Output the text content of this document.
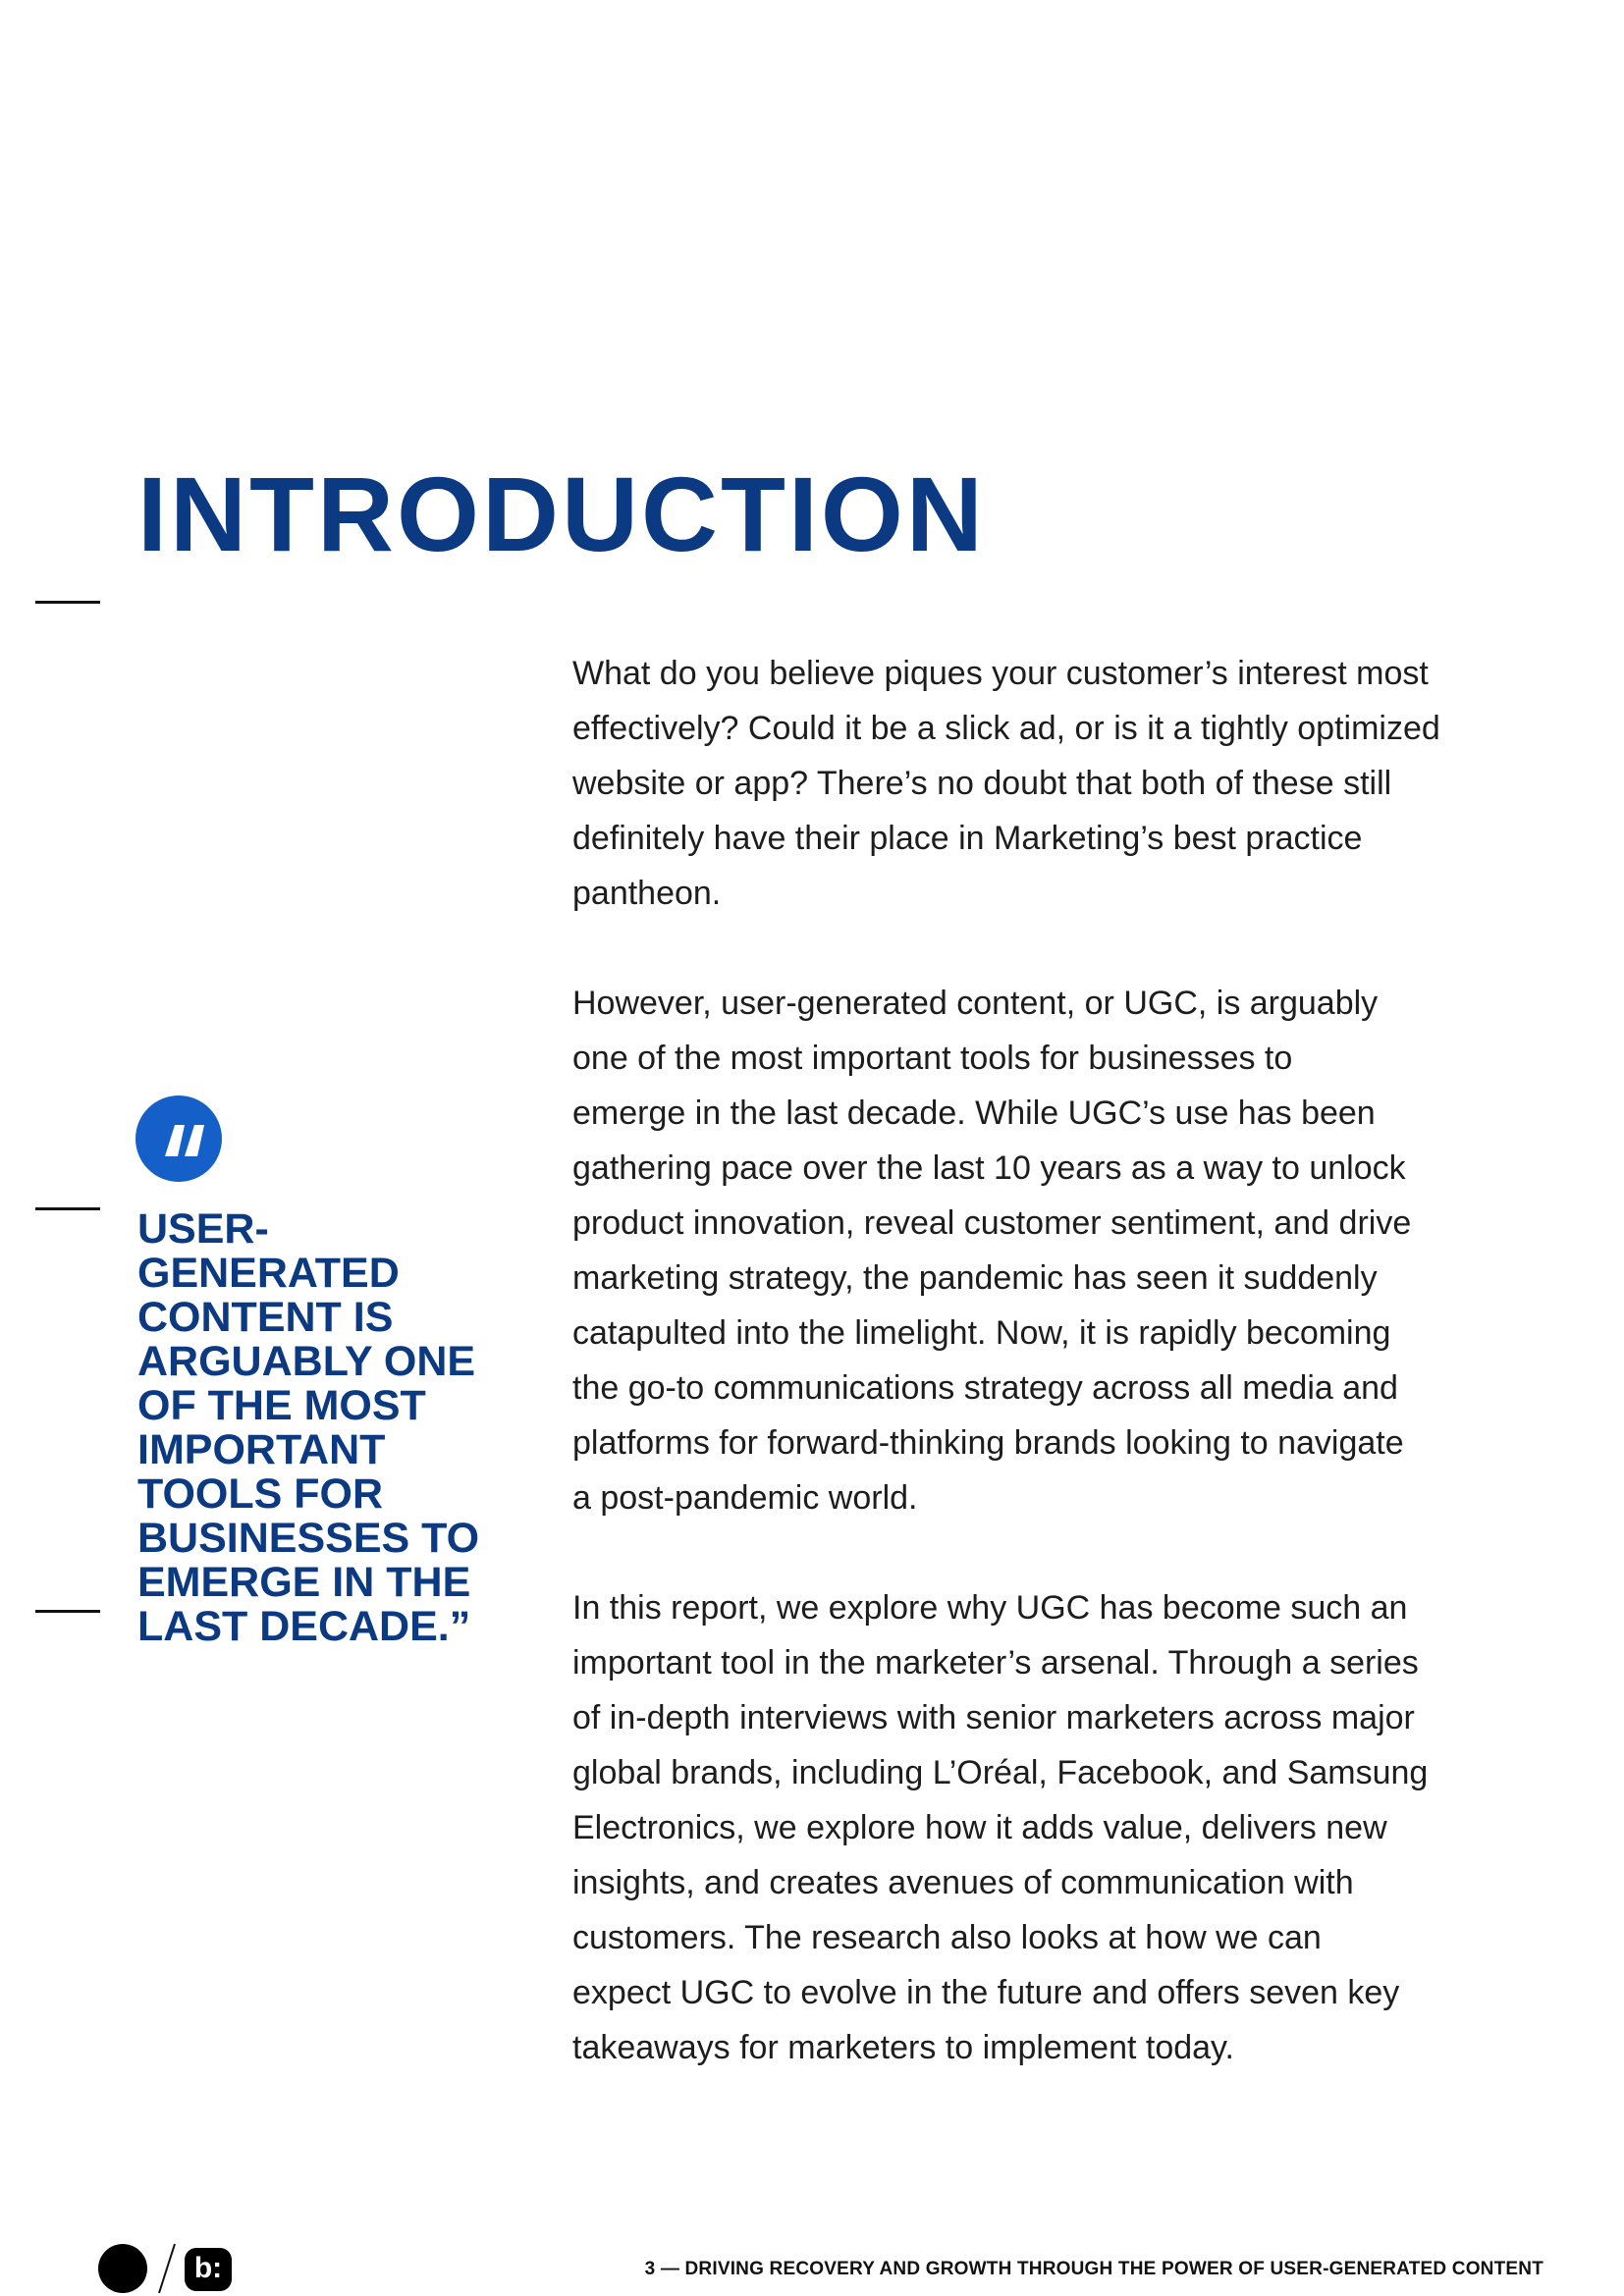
INTRODUCTION
USER-GENERATED
CONTENT IS
ARGUABLY ONE
OF THE MOST
IMPORTANT
TOOLS FOR
BUSINESSES TO
EMERGE IN THE
LAST DECADE.”

What do you believe piques your customer’s interest most
effectively? Could it be a slick ad, or is it a tightly optimized
website or app? There’s no doubt that both of these still
definitely have their place in Marketing’s best practice
pantheon.

However, user-generated content, or UGC, is arguably
one of the most important tools for businesses to
emerge in the last decade. While UGC’s use has been
gathering pace over the last 10 years as a way to unlock
product innovation, reveal customer sentiment, and drive
marketing strategy, the pandemic has seen it suddenly
catapulted into the limelight. Now, it is rapidly becoming
the go-to communications strategy across all media and
platforms for forward-thinking brands looking to navigate
a post-pandemic world.

In this report, we explore why UGC has become such an
important tool in the marketer’s arsenal. Through a series
of in-depth interviews with senior marketers across major
global brands, including L’Oréal, Facebook, and Samsung
Electronics, we explore how it adds value, delivers new
insights, and creates avenues of communication with
customers. The research also looks at how we can
expect UGC to evolve in the future and offers seven key
takeaways for marketers to implement today.

b:	3 — DRIVING RECOVERY AND GROWTH THROUGH THE POWER OF USER-GENERATED CONTENT
